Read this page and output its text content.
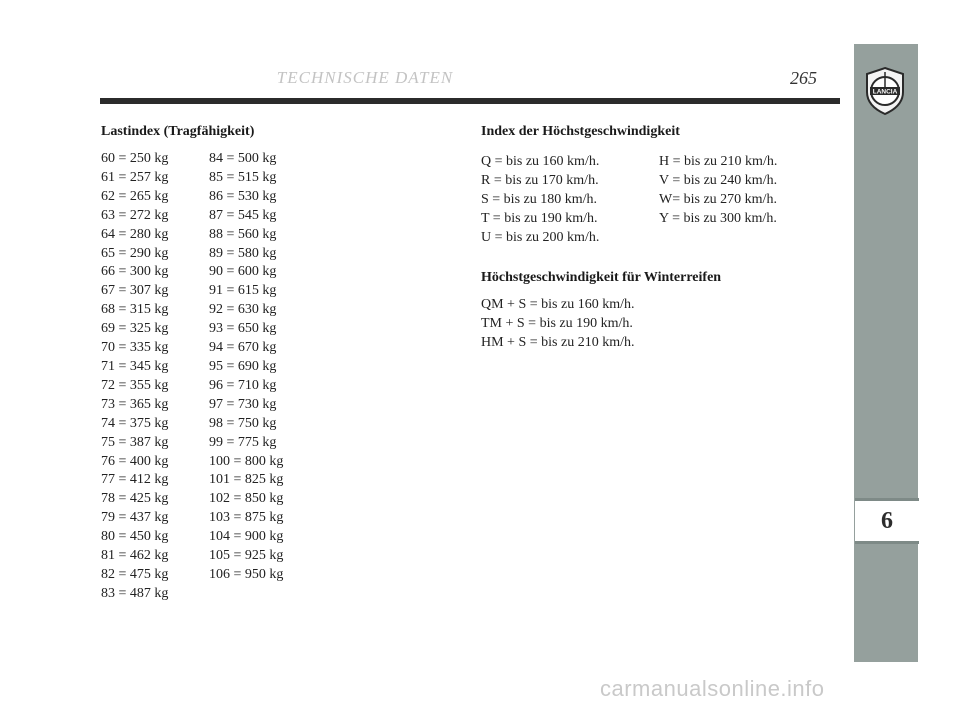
TECHNISCHE DATEN	265
LANCIA
6
Lastindex (Tragfähigkeit)
60 = 250 kg
61 = 257 kg
62 = 265 kg
63 = 272 kg
64 = 280 kg
65 = 290 kg
66 = 300 kg
67 = 307 kg
68 = 315 kg
69 = 325 kg
70 = 335 kg
71 = 345 kg
72 = 355 kg
73 = 365 kg
74 = 375 kg
75 = 387 kg
76 = 400 kg
77 = 412 kg
78 = 425 kg
79 = 437 kg
80 = 450 kg
81 = 462 kg
82 = 475 kg
83 = 487 kg
84 = 500 kg
85 = 515 kg
86 = 530 kg
87 = 545 kg
88 = 560 kg
89 = 580 kg
90 = 600 kg
91 = 615 kg
92 = 630 kg
93 = 650 kg
94 = 670 kg
95 = 690 kg
96 = 710 kg
97 = 730 kg
98 = 750 kg
99 = 775 kg
100 = 800 kg
101 = 825 kg
102 = 850 kg
103 = 875 kg
104 = 900 kg
105 = 925 kg
106 = 950 kg
Index der Höchstgeschwindigkeit
Q = bis zu 160 km/h.
R = bis zu 170 km/h.
S = bis zu 180 km/h.
T = bis zu 190 km/h.
U = bis zu 200 km/h.
H = bis zu 210 km/h.
V = bis zu 240 km/h.
W= bis zu 270 km/h.
Y = bis zu 300 km/h.
Höchstgeschwindigkeit für Winterreifen
QM + S = bis zu 160 km/h.
TM + S = bis zu 190 km/h.
HM + S = bis zu 210 km/h.
carmanualsonline.info
